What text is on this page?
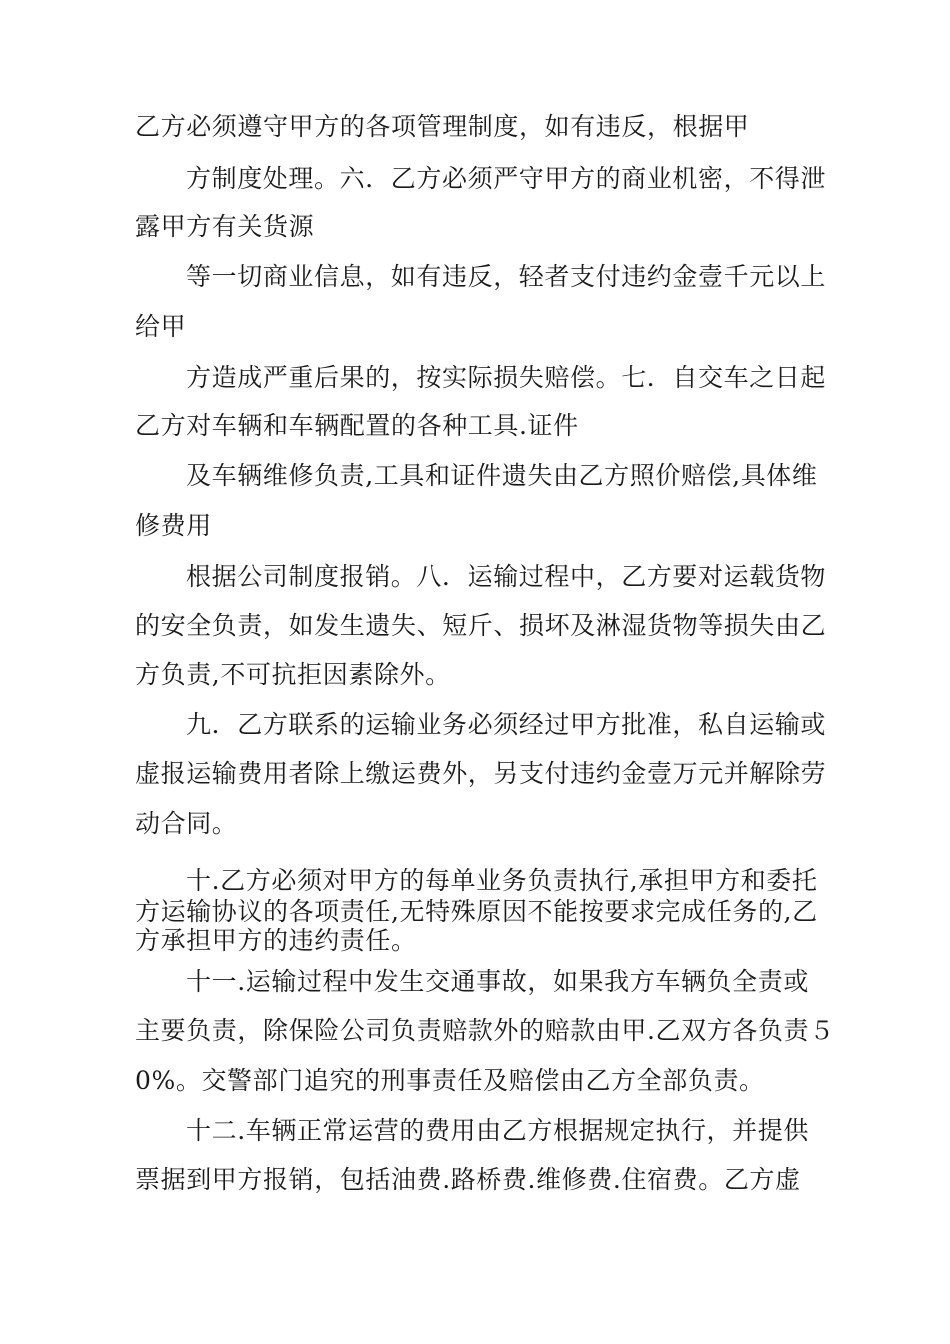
乙方必须遵守甲方的各项管理制度，如有违反，根据甲
方制度处理。六．乙方必须严守甲方的商业机密，不得泄
露甲方有关货源
等一切商业信息，如有违反，轻者支付违约金壹千元以上
给甲
方造成严重后果的，按实际损失赔偿。七．自交车之日起
乙方对车辆和车辆配置的各种工具.证件
及车辆维修负责,工具和证件遗失由乙方照价赔偿,具体维
修费用
根据公司制度报销。八．运输过程中，乙方要对运载货物
的安全负责，如发生遗失、短斤、损坏及淋湿货物等损失由乙
方负责,不可抗拒因素除外。
九．乙方联系的运输业务必须经过甲方批准，私自运输或
虚报运输费用者除上缴运费外，另支付违约金壹万元并解除劳
动合同。
十.乙方必须对甲方的每单业务负责执行,承担甲方和委托
方运输协议的各项责任,无特殊原因不能按要求完成任务的,乙
方承担甲方的违约责任。
十一.运输过程中发生交通事故，如果我方车辆负全责或
主要负责，除保险公司负责赔款外的赔款由甲.乙双方各负责５
0%。交警部门追究的刑事责任及赔偿由乙方全部负责。
十二.车辆正常运营的费用由乙方根据规定执行，并提供
票据到甲方报销，包括油费.路桥费.维修费.住宿费。乙方虚
